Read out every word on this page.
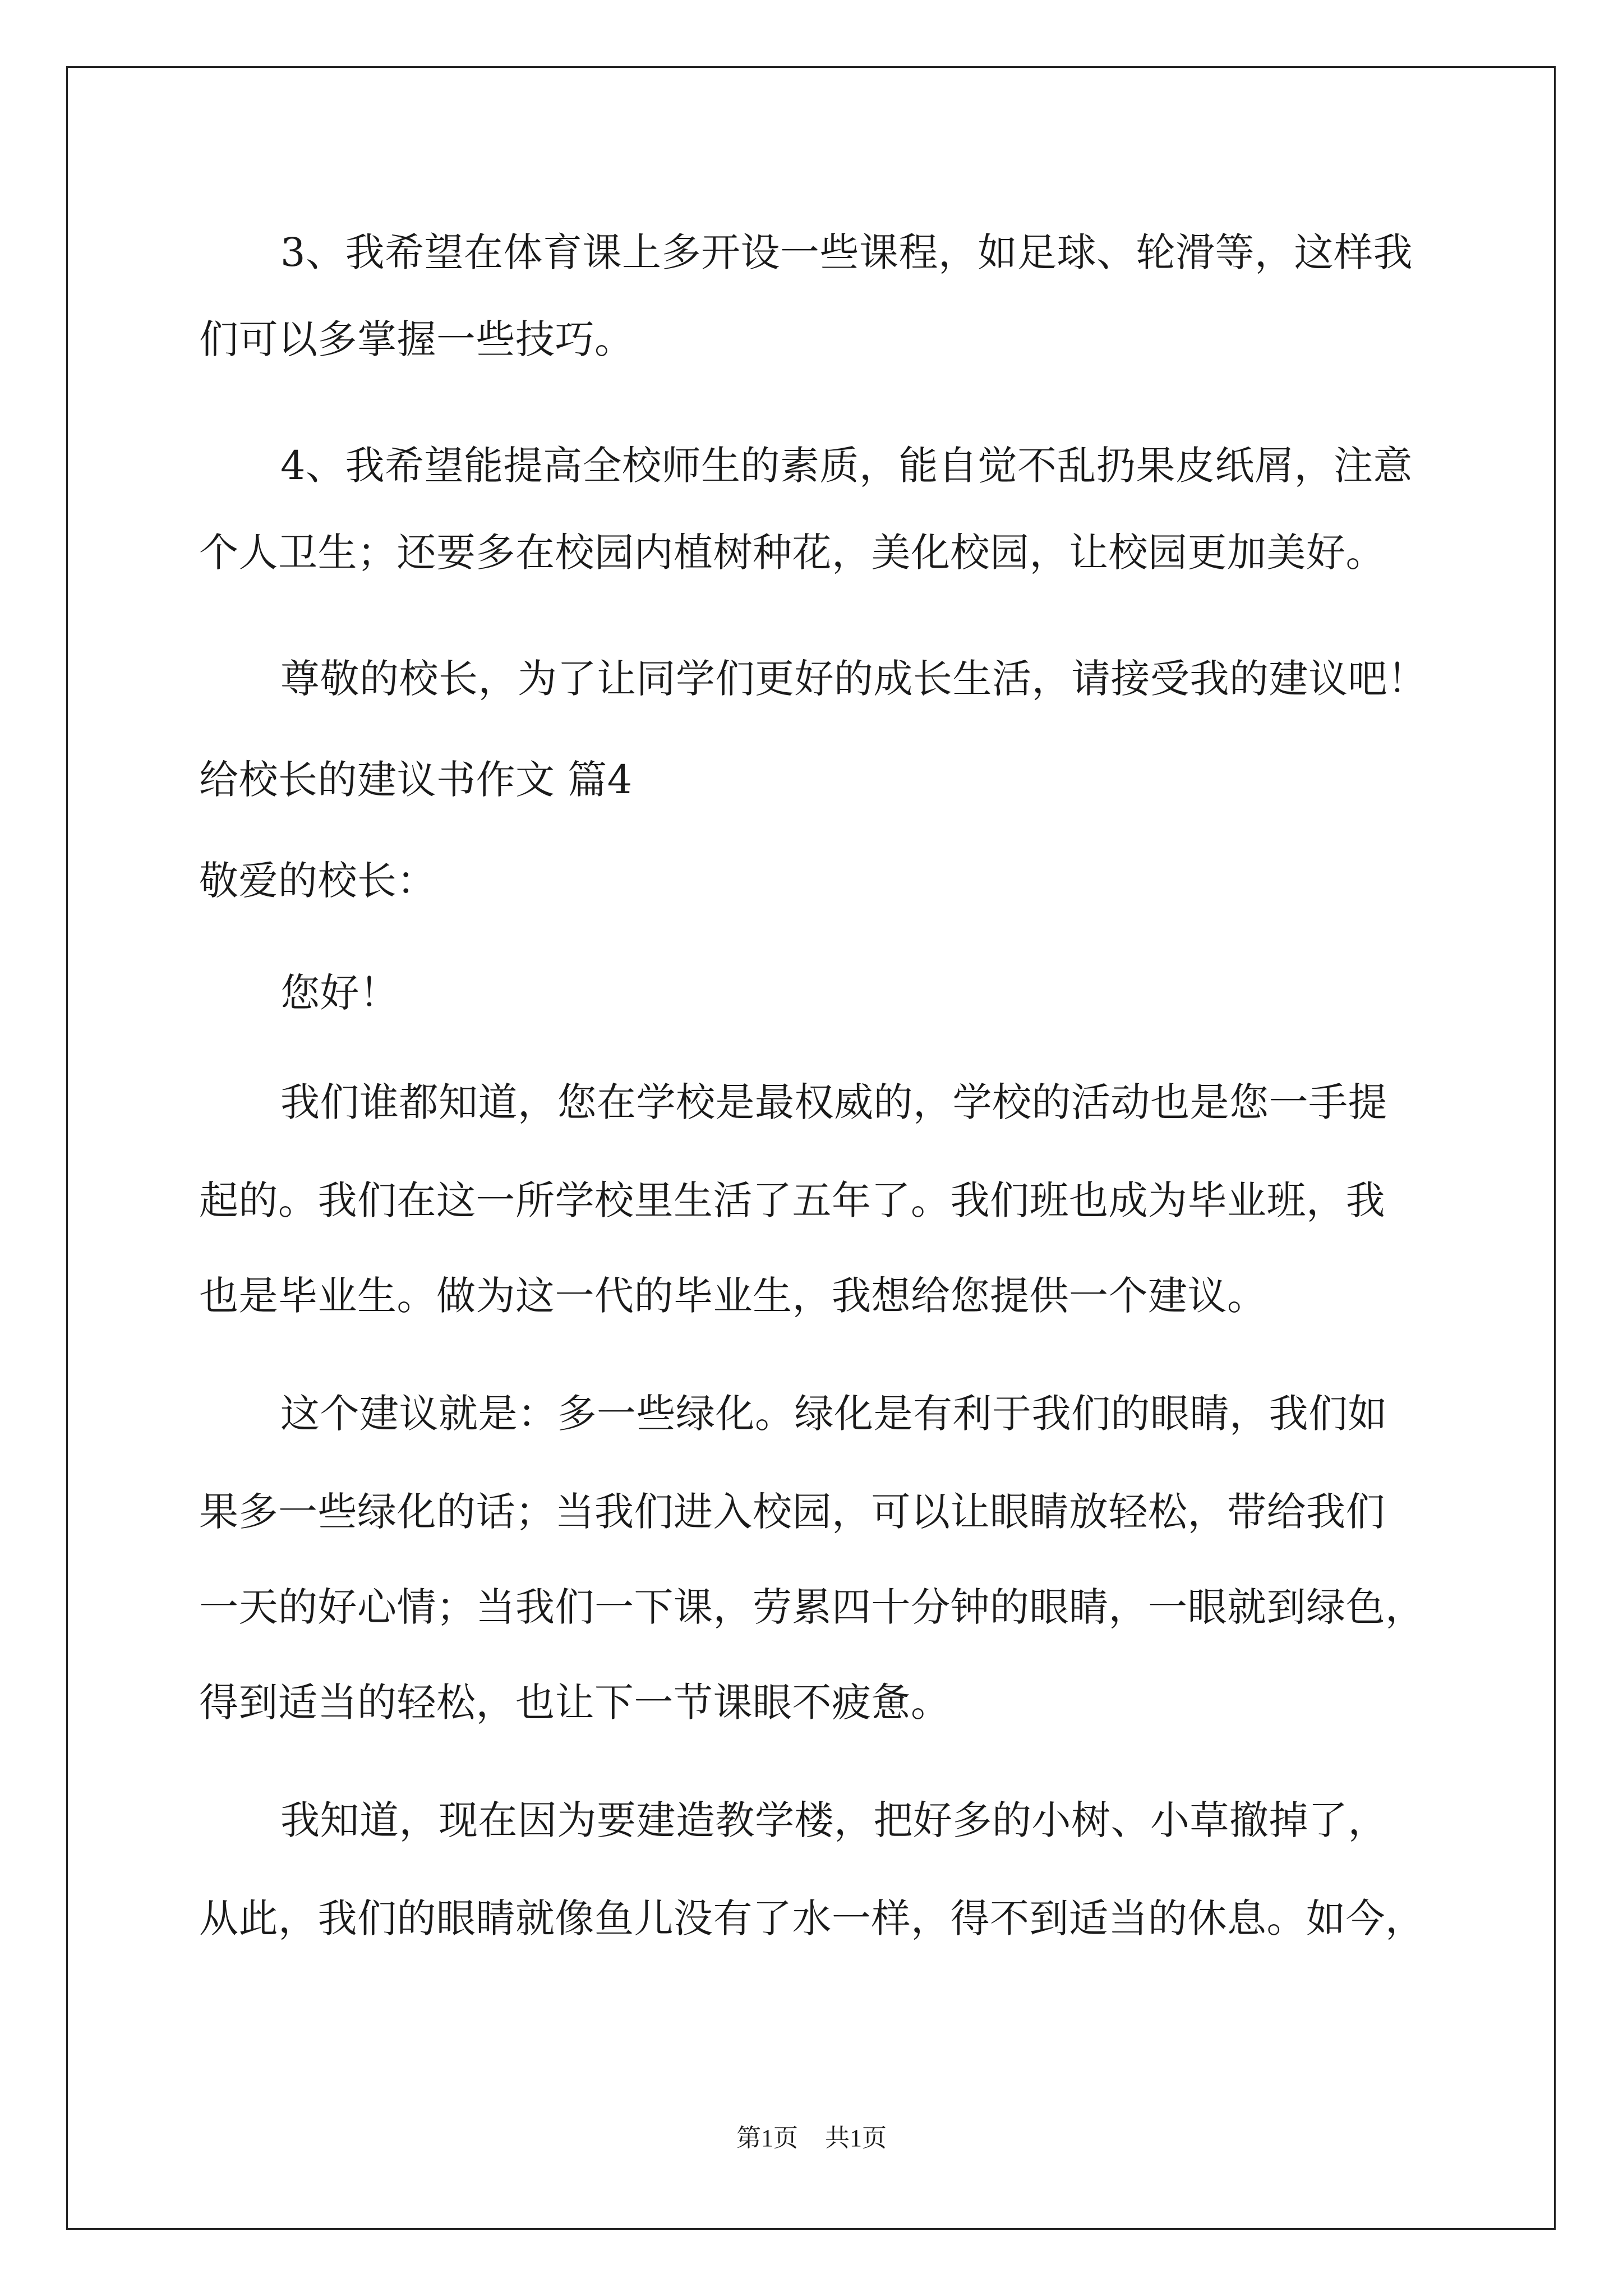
3、我希望在体育课上多开设一些课程，如足球、轮滑等，这样我
们可以多掌握一些技巧。
4、我希望能提高全校师生的素质，能自觉不乱扔果皮纸屑，注意
个人卫生；还要多在校园内植树种花，美化校园，让校园更加美好。
尊敬的校长，为了让同学们更好的成长生活，请接受我的建议吧！
给校长的建议书作文 篇4
敬爱的校长：
您好！
我们谁都知道，您在学校是最权威的，学校的活动也是您一手提
起的。我们在这一所学校里生活了五年了。我们班也成为毕业班，我
也是毕业生。做为这一代的毕业生，我想给您提供一个建议。
这个建议就是：多一些绿化。绿化是有利于我们的眼睛，我们如
果多一些绿化的话；当我们进入校园，可以让眼睛放轻松，带给我们
一天的好心情；当我们一下课，劳累四十分钟的眼睛，一眼就到绿色，
得到适当的轻松，也让下一节课眼不疲惫。
我知道，现在因为要建造教学楼，把好多的小树、小草撤掉了，
从此，我们的眼睛就像鱼儿没有了水一样，得不到适当的休息。如今，
第1页 共1页
